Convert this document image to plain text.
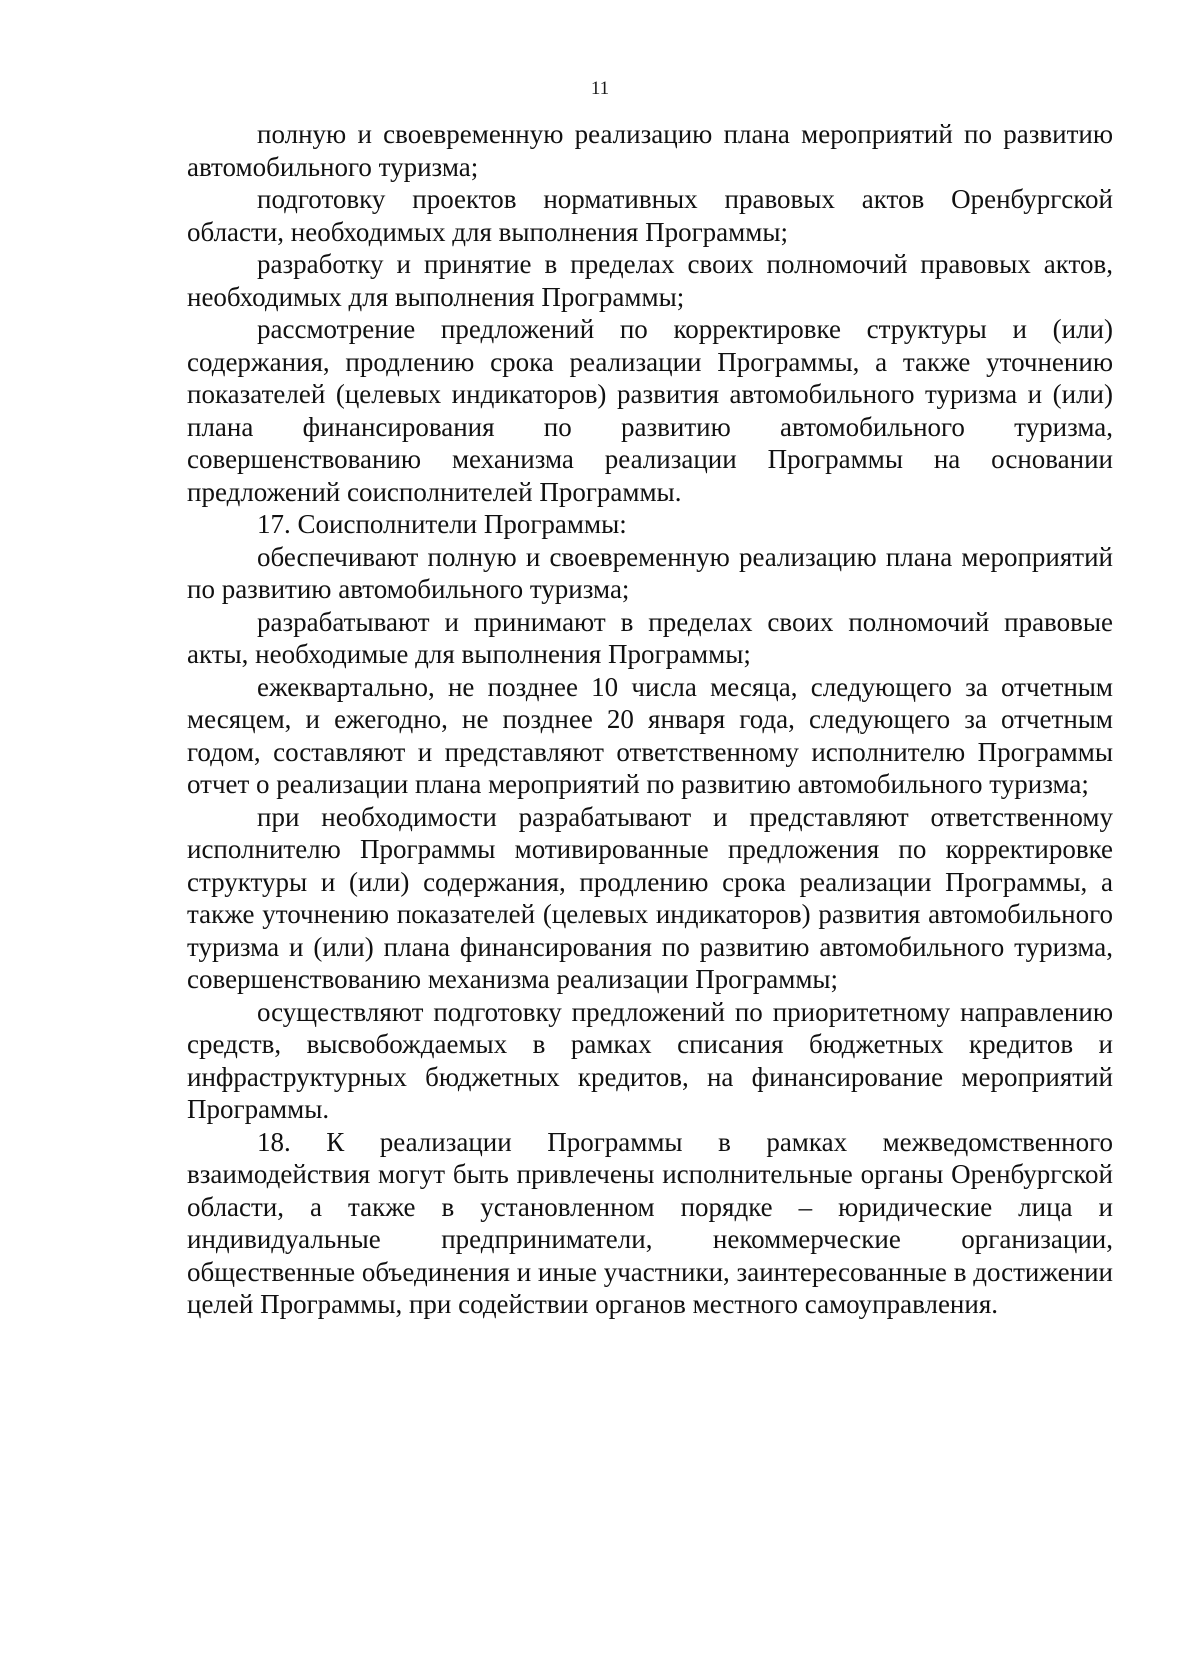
11

полную и своевременную реализацию плана мероприятий по развитию автомобильного туризма;

подготовку проектов нормативных правовых актов Оренбургской области, необходимых для выполнения Программы;

разработку и принятие в пределах своих полномочий правовых актов, необходимых для выполнения Программы;

рассмотрение предложений по корректировке структуры и (или) содержания, продлению срока реализации Программы, а также уточнению показателей (целевых индикаторов) развития автомобильного туризма и (или) плана финансирования по развитию автомобильного туризма, совершенствованию механизма реализации Программы на основании предложений соисполнителей Программы.

17. Соисполнители Программы:

обеспечивают полную и своевременную реализацию плана мероприятий по развитию автомобильного туризма;

разрабатывают и принимают в пределах своих полномочий правовые акты, необходимые для выполнения Программы;

ежеквартально, не позднее 10 числа месяца, следующего за отчетным месяцем, и ежегодно, не позднее 20 января года, следующего за отчетным годом, составляют и представляют ответственному исполнителю Программы отчет о реализации плана мероприятий по развитию автомобильного туризма;

при необходимости разрабатывают и представляют ответственному исполнителю Программы мотивированные предложения по корректировке структуры и (или) содержания, продлению срока реализации Программы, а также уточнению показателей (целевых индикаторов) развития автомобильного туризма и (или) плана финансирования по развитию автомобильного туризма, совершенствованию механизма реализации Программы;

осуществляют подготовку предложений по приоритетному направлению средств, высвобождаемых в рамках списания бюджетных кредитов и инфраструктурных бюджетных кредитов, на финансирование мероприятий Программы.

18. К реализации Программы в рамках межведомственного взаимодействия могут быть привлечены исполнительные органы Оренбургской области, а также в установленном порядке – юридические лица и индивидуальные предприниматели, некоммерческие организации, общественные объединения и иные участники, заинтересованные в достижении целей Программы, при содействии органов местного самоуправления.
